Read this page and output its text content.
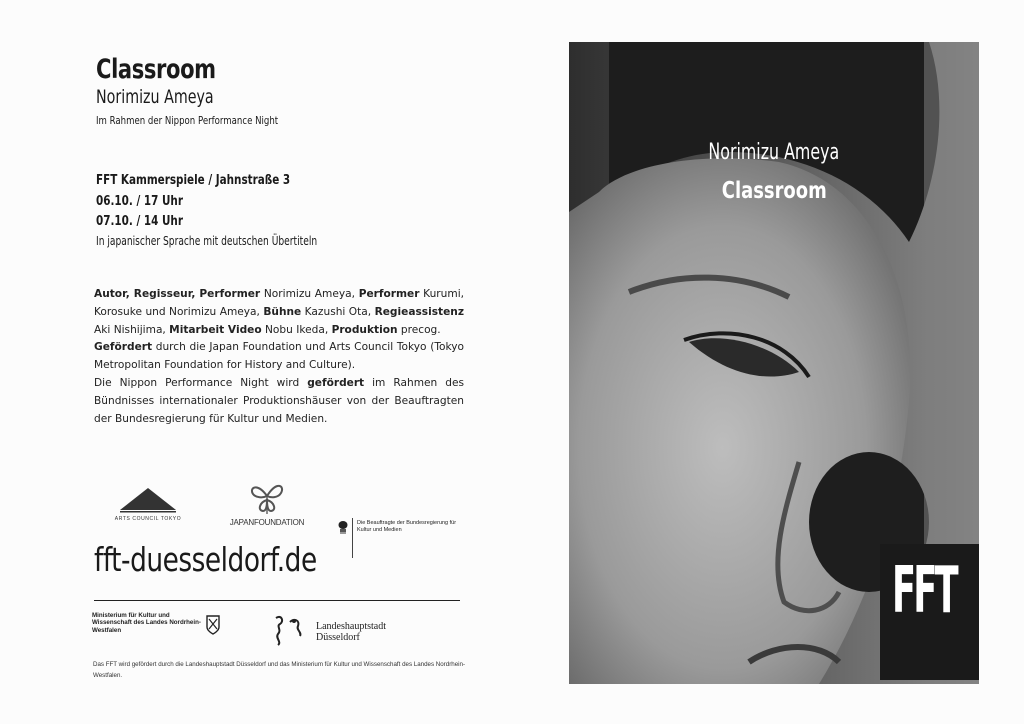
Classroom
Norimizu Ameya
Im Rahmen der Nippon Performance Night
FFT Kammerspiele / Jahnstraße 3
06.10. / 17 Uhr
07.10. / 14 Uhr
In japanischer Sprache mit deutschen Übertiteln
Autor, Regisseur, Performer Norimizu Ameya, Performer Kurumi, Korosuke und Norimizu Ameya, Bühne Kazushi Ota, Regieassistenz Aki Nishijima, Mitarbeit Video Nobu Ikeda, Produktion precog.
Gefördert durch die Japan Foundation und Arts Council Tokyo (Tokyo Metropolitan Foundation for History and Culture).
Die Nippon Performance Night wird gefördert im Rahmen des Bündnisses internationaler Produktionshäuser von der Beauftragten der Bundesregierung für Kultur und Medien.
ARTS COUNCIL TOKYO	JAPANFOUNDATION	Die Beauftragte der Bundesregierung für Kultur und Medien
fft-duesseldorf.de
Ministerium für Kultur und Wissenschaft des Landes Nordrhein-Westfalen	Landeshauptstadt
Düsseldorf
Das FFT wird gefördert durch die Landeshauptstadt Düsseldorf und das Ministerium für Kultur und Wissenschaft des Landes Nordrhein-Westfalen.
Norimizu Ameya
Classroom
FFT
